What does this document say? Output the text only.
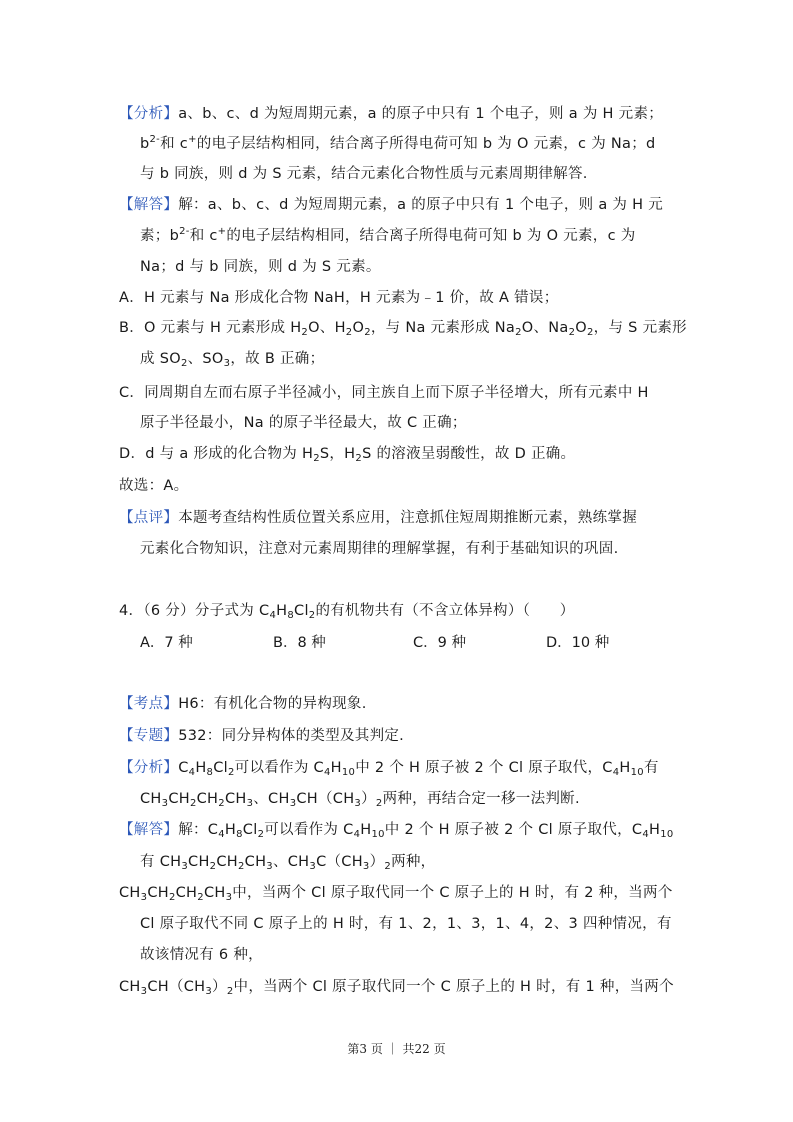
【分析】a、b、c、d 为短周期元素，a 的原子中只有 1 个电子，则 a 为 H 元素；
$b^{2-}$和 c+的电子层结构相同，结合离子所得电荷可知 b 为 O 元素，c 为 Na；d
与 b 同族，则 d 为 S 元素，结合元素化合物性质与元素周期律解答.
【解答】解：a、b、c、d 为短周期元素，a 的原子中只有 1 个电子，则 a 为 H 元
素；$b^{2-}$和 c+的电子层结构相同，结合离子所得电荷可知 b 为 O 元素，c 为
Na；d 与 b 同族，则 d 为 S 元素。
A．H 元素与 Na 形成化合物 NaH，H 元素为﹣1 价，故 A 错误；
B．O 元素与 H 元素形成 $H_2O$、$H_2O_2$，与 Na 元素形成 $Na_2O$、$Na_2O_2$，与 S 元素形
成 $SO_2$、$SO_3$，故 B 正确；
C．同周期自左而右原子半径减小，同主族自上而下原子半径增大，所有元素中 H
原子半径最小，Na 的原子半径最大，故 C 正确；
D．d 与 a 形成的化合物为 $H_2S$，$H_2S$ 的溶液呈弱酸性，故 D 正确。
故选：A。
【点评】本题考查结构性质位置关系应用，注意抓住短周期推断元素，熟练掌握
元素化合物知识，注意对元素周期律的理解掌握，有利于基础知识的巩固.
4．（6 分）分子式为 $C_4H_8Cl_2$的有机物共有（不含立体异构）（　　）
A．7 种	B．8 种	C．9 种	D．10 种
【考点】H6：有机化合物的异构现象.
【专题】532：同分异构体的类型及其判定.
【分析】$C_4H_8Cl_2$可以看作为 $C_4H_{10}$中 2 个 H 原子被 2 个 Cl 原子取代，$C_4H_{10}$有
$CH_3CH_2CH_2CH_3$、$CH_3CH(CH_3)_2$两种，再结合定一移一法判断.
【解答】解：$C_4H_8Cl_2$可以看作为 $C_4H_{10}$中 2 个 H 原子被 2 个 Cl 原子取代，$C_4H_{10}$
有 $CH_3CH_2CH_2CH_3$、$CH_3C(CH_3)_2$两种，
$CH_3CH_2CH_2CH_3$中，当两个 Cl 原子取代同一个 C 原子上的 H 时，有 2 种，当两个
Cl 原子取代不同 C 原子上的 H 时，有 1、2，1、3，1、4，2、3 四种情况，有
故该情况有 6 种，
$CH_3CH(CH_3)_2$中，当两个 Cl 原子取代同一个 C 原子上的 H 时，有 1 种，当两个
第3 页 ｜ 共22 页
